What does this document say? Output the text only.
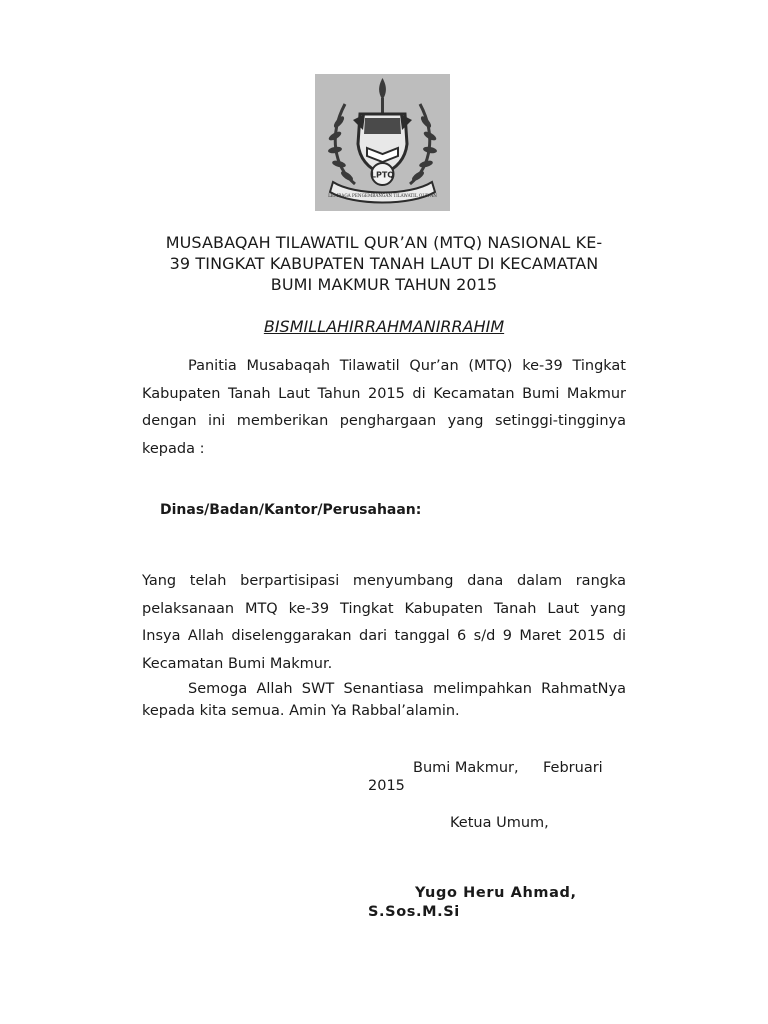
LPTQ
LEMBAGA PENGEMBANGAN TILAWATIL QUR'AN
MUSABAQAH TILAWATIL QUR’AN (MTQ) NASIONAL KE-
39 TINGKAT KABUPATEN TANAH LAUT DI KECAMATAN
BUMI MAKMUR TAHUN 2015
BISMILLAHIRRAHMANIRRAHIM
Panitia Musabaqah Tilawatil Qur’an (MTQ) ke-39 Tingkat
Kabupaten Tanah Laut Tahun 2015 di Kecamatan Bumi Makmur
dengan ini memberikan penghargaan yang setinggi-tingginya
kepada :
Dinas/Badan/Kantor/Perusahaan:
Yang telah berpartisipasi menyumbang dana dalam rangka
pelaksanaan MTQ ke-39 Tingkat Kabupaten Tanah Laut yang
Insya Allah diselenggarakan dari tanggal 6 s/d 9 Maret 2015 di
Kecamatan Bumi Makmur.
Semoga Allah SWT Senantiasa melimpahkan RahmatNya
kepada kita semua. Amin Ya Rabbal’alamin.
Bumi Makmur, Februari
2015
Ketua Umum,
Yugo Heru Ahmad,
S.Sos.M.Si
